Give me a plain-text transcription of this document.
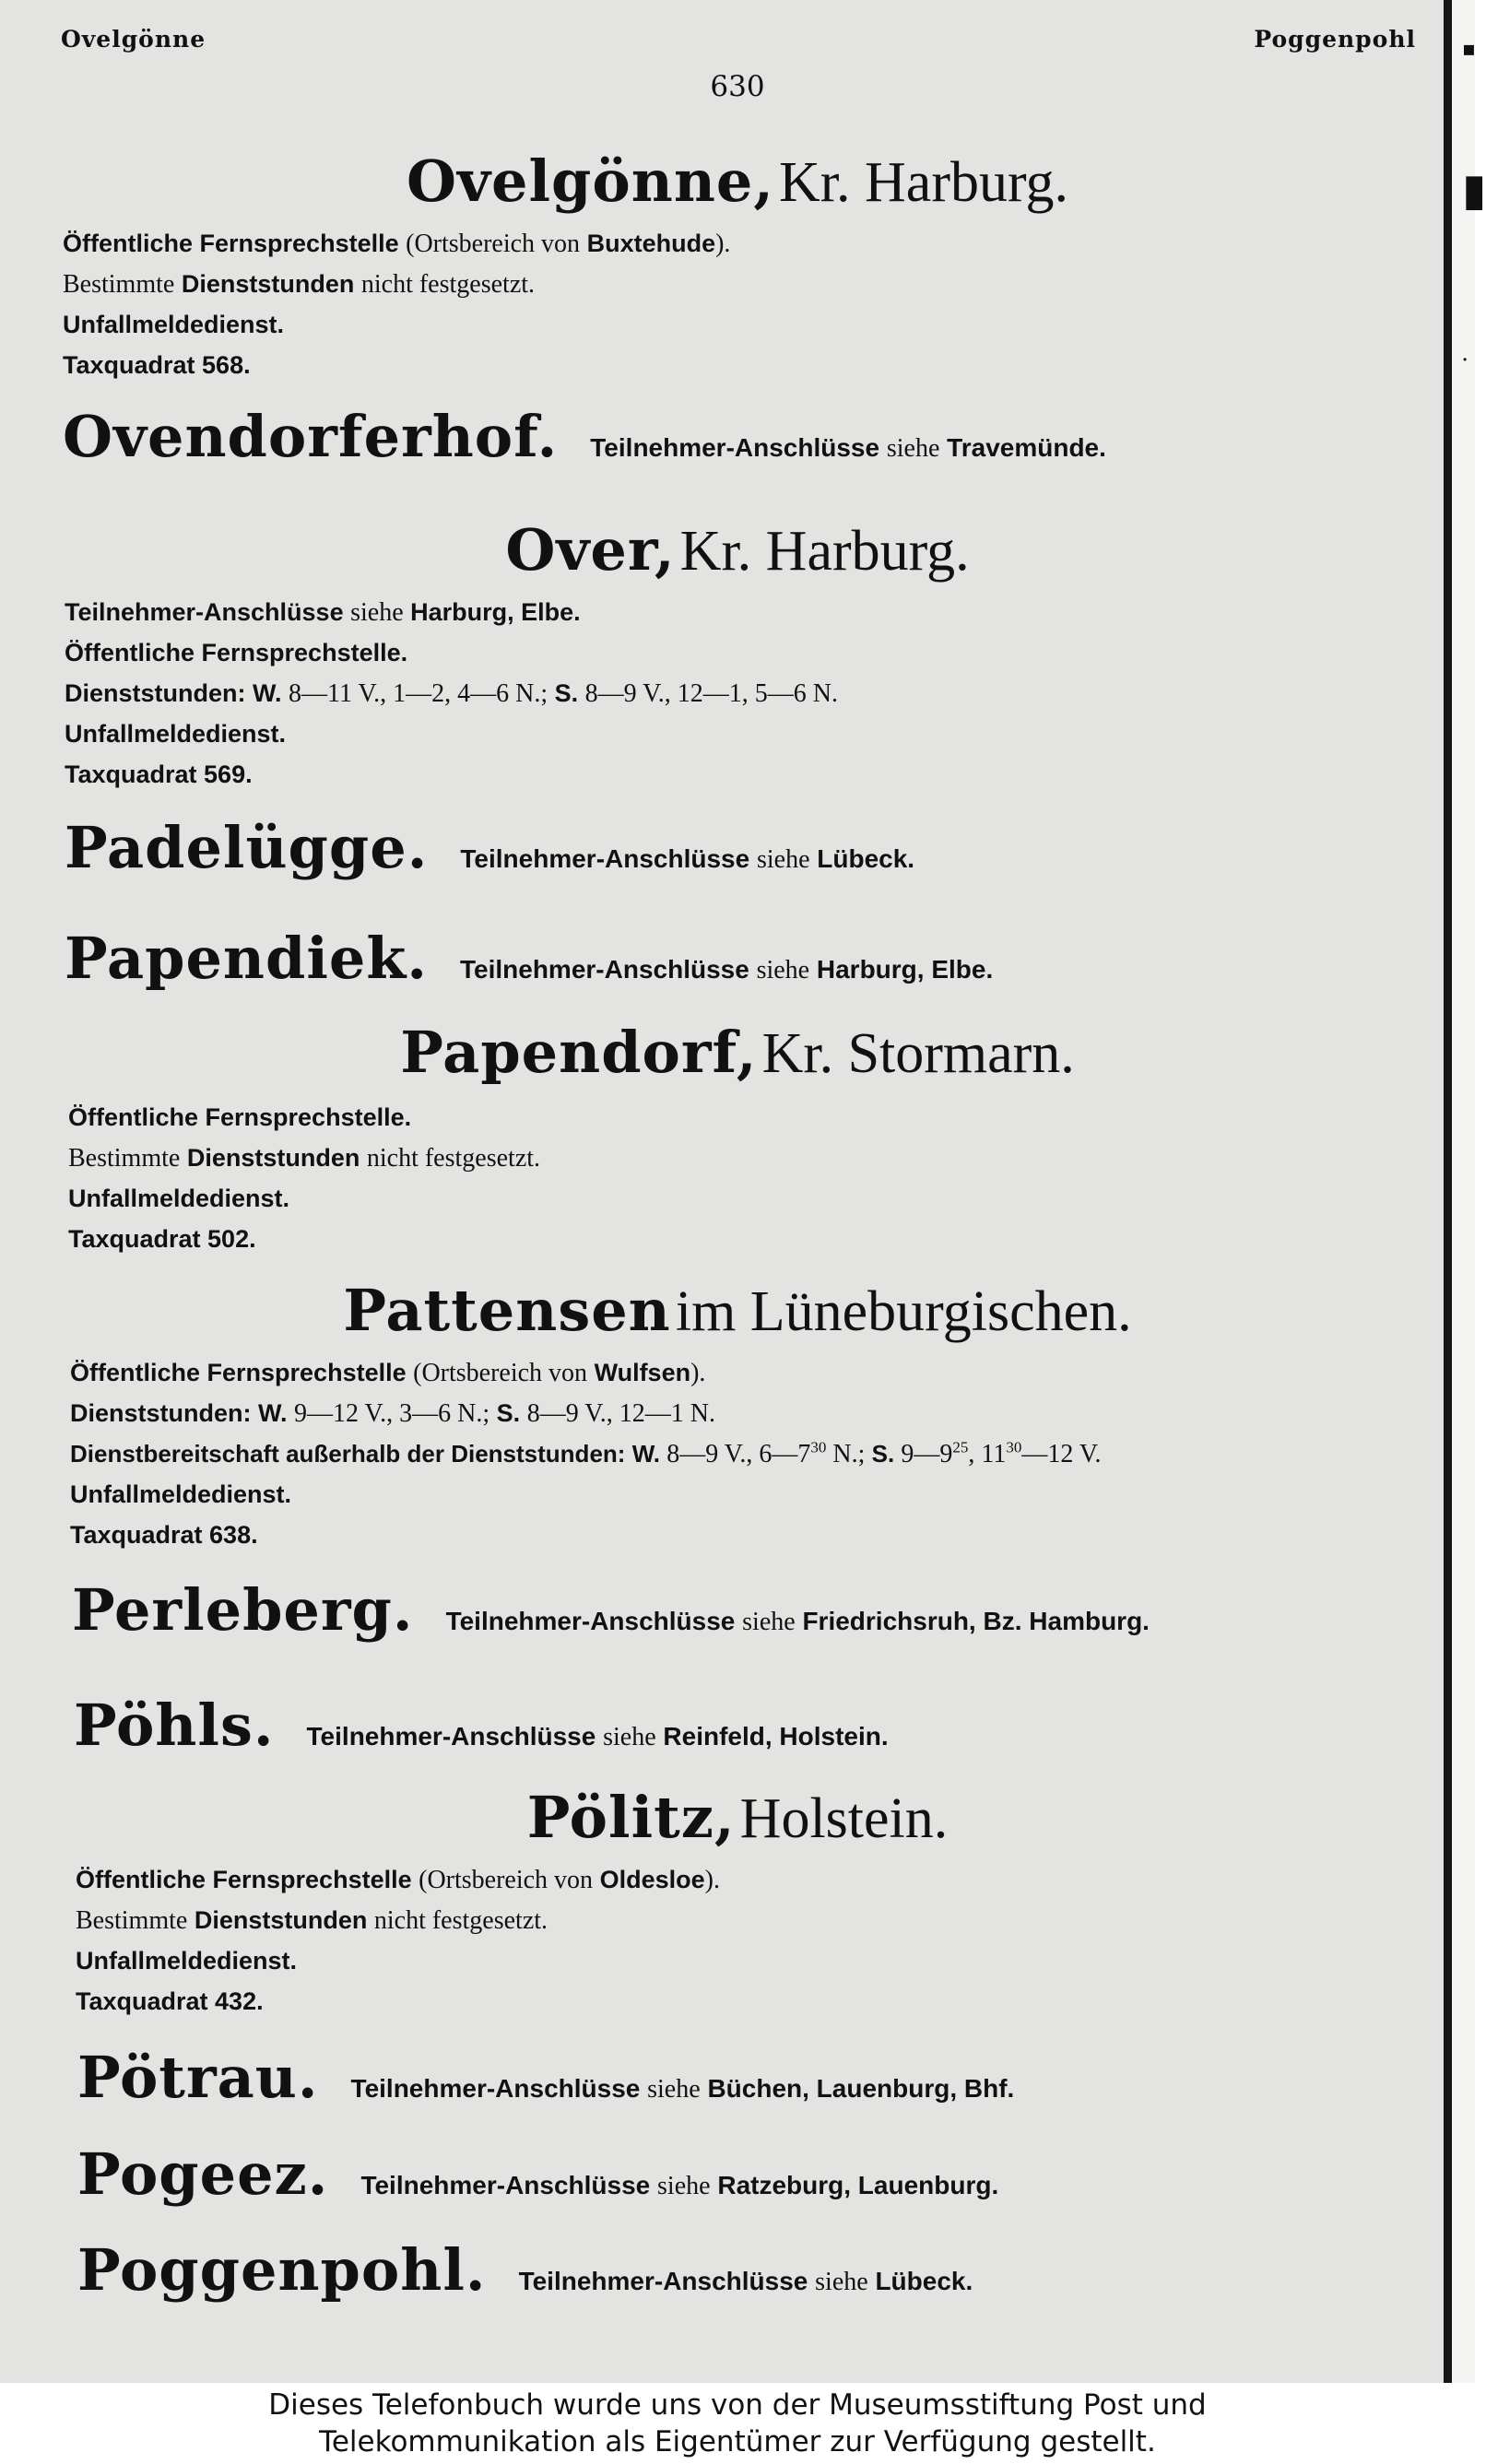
▪
▮
·
Ovelgönne	Poggenpohl
630
Ovelgönne, Kr. Harburg.
Öffentliche Fernsprechstelle (Ortsbereich von Buxtehude).
Bestimmte Dienststunden nicht festgesetzt.
Unfallmeldedienst.
Taxquadrat 568.
Ovendorferhof. Teilnehmer-Anschlüsse siehe Travemünde.
Over, Kr. Harburg.
Teilnehmer-Anschlüsse siehe Harburg, Elbe.
Öffentliche Fernsprechstelle.
Dienststunden: W. 8—11 V., 1—2, 4—6 N.; S. 8—9 V., 12—1, 5—6 N.
Unfallmeldedienst.
Taxquadrat 569.
Padelügge. Teilnehmer-Anschlüsse siehe Lübeck.
Papendiek. Teilnehmer-Anschlüsse siehe Harburg, Elbe.
Papendorf, Kr. Stormarn.
Öffentliche Fernsprechstelle.
Bestimmte Dienststunden nicht festgesetzt.
Unfallmeldedienst.
Taxquadrat 502.
Pattensen im Lüneburgischen.
Öffentliche Fernsprechstelle (Ortsbereich von Wulfsen).
Dienststunden: W. 9—12 V., 3—6 N.; S. 8—9 V., 12—1 N.
Dienstbereitschaft außerhalb der Dienststunden: W. 8—9 V., $6—7^{30}$ N.; S. $9—9^{25}$, $11^{30}—12$ V.
Unfallmeldedienst.
Taxquadrat 638.
Perleberg. Teilnehmer-Anschlüsse siehe Friedrichsruh, Bz. Hamburg.
Pöhls. Teilnehmer-Anschlüsse siehe Reinfeld, Holstein.
Pölitz, Holstein.
Öffentliche Fernsprechstelle (Ortsbereich von Oldesloe).
Bestimmte Dienststunden nicht festgesetzt.
Unfallmeldedienst.
Taxquadrat 432.
Pötrau. Teilnehmer-Anschlüsse siehe Büchen, Lauenburg, Bhf.
Pogeez. Teilnehmer-Anschlüsse siehe Ratzeburg, Lauenburg.
Poggenpohl. Teilnehmer-Anschlüsse siehe Lübeck.
Dieses Telefonbuch wurde uns von der Museumsstiftung Post und
Telekommunikation als Eigentümer zur Verfügung gestellt.
